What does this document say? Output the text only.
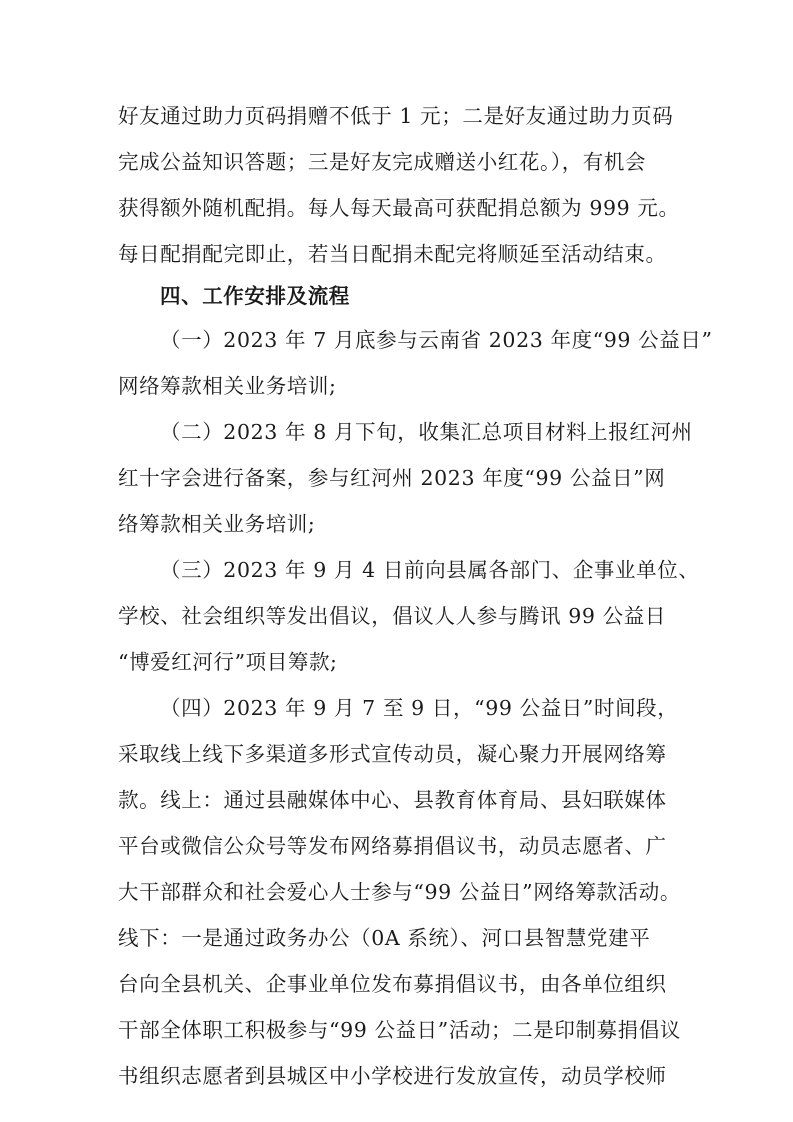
好友通过助力页码捐赠不低于 1 元；二是好友通过助力页码
完成公益知识答题；三是好友完成赠送小红花。），有机会
获得额外随机配捐。每人每天最高可获配捐总额为 999 元。
每日配捐配完即止，若当日配捐未配完将顺延至活动结束。
四、工作安排及流程
（一）2023 年 7 月底参与云南省 2023 年度“99 公益日”
网络筹款相关业务培训;
（二）2023 年 8 月下旬，收集汇总项目材料上报红河州
红十字会进行备案，参与红河州 2023 年度“99 公益日”网
络筹款相关业务培训;
（三）2023 年 9 月 4 日前向县属各部门、企事业单位、
学校、社会组织等发出倡议，倡议人人参与腾讯 99 公益日
“博爱红河行”项目筹款;
（四）2023 年 9 月 7 至 9 日，“99 公益日”时间段，
采取线上线下多渠道多形式宣传动员，凝心聚力开展网络筹
款。线上：通过县融媒体中心、县教育体育局、县妇联媒体
平台或微信公众号等发布网络募捐倡议书，动员志愿者、广
大干部群众和社会爱心人士参与“99 公益日”网络筹款活动。
线下：一是通过政务办公（0A 系统）、河口县智慧党建平
台向全县机关、企事业单位发布募捐倡议书，由各单位组织
干部全体职工积极参与“99 公益日”活动；二是印制募捐倡议
书组织志愿者到县城区中小学校进行发放宣传，动员学校师
